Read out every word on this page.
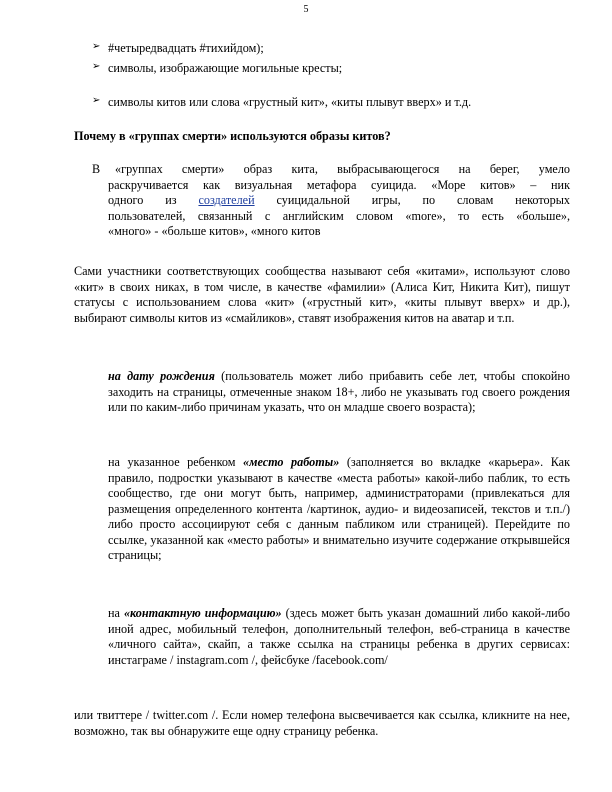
5
➢ #четыредвадцать #тихийдом);
➢ символы, изображающие могильные кресты;
➢ символы китов или слова «грустный кит», «киты плывут вверх» и т.д.
Почему в «группах смерти» используются образы китов?
В «группах смерти» образ кита, выбрасывающегося на берег, умело
раскручивается как визуальная метафора суицида. «Море китов» – ник
одного из создателей суицидальной игры, по словам некоторых
пользователей, связанный с английским словом «more», то есть «больше»,
«много» - «больше китов», «много китов
Сами участники соответствующих сообщества называют себя «китами», используют слово «кит» в своих никах, в том числе, в качестве «фамилии» (Алиса Кит, Никита Кит), пишут статусы с использованием слова «кит» («грустный кит», «киты плывут вверх» и др.), выбирают символы китов из «смайликов», ставят изображения китов на аватар и т.п.
на дату рождения (пользователь может либо прибавить себе лет, чтобы спокойно заходить на страницы, отмеченные знаком 18+, либо не указывать год своего рождения или по каким-либо причинам указать, что он младше своего возраста);
на указанное ребенком «место работы» (заполняется во вкладке «карьера». Как правило, подростки указывают в качестве «места работы» какой-либо паблик, то есть сообщество, где они могут быть, например, администраторами (привлекаться для размещения определенного контента /картинок, аудио- и видеозаписей, текстов и т.п./) либо просто ассоциируют себя с данным пабликом или страницей). Перейдите по ссылке, указанной как «место работы» и внимательно изучите содержание открывшейся страницы;
на «контактную информацию» (здесь может быть указан домашний либо какой-либо иной адрес, мобильный телефон, дополнительный телефон, веб-страница в качестве «личного сайта», скайп, а также ссылка на страницы ребенка в других сервисах: инстаграме / instagram.com /, фейсбуке /facebook.com/
или твиттере / twitter.com /. Если номер телефона высвечивается как ссылка, кликните на нее, возможно, так вы обнаружите еще одну страницу ребенка.
